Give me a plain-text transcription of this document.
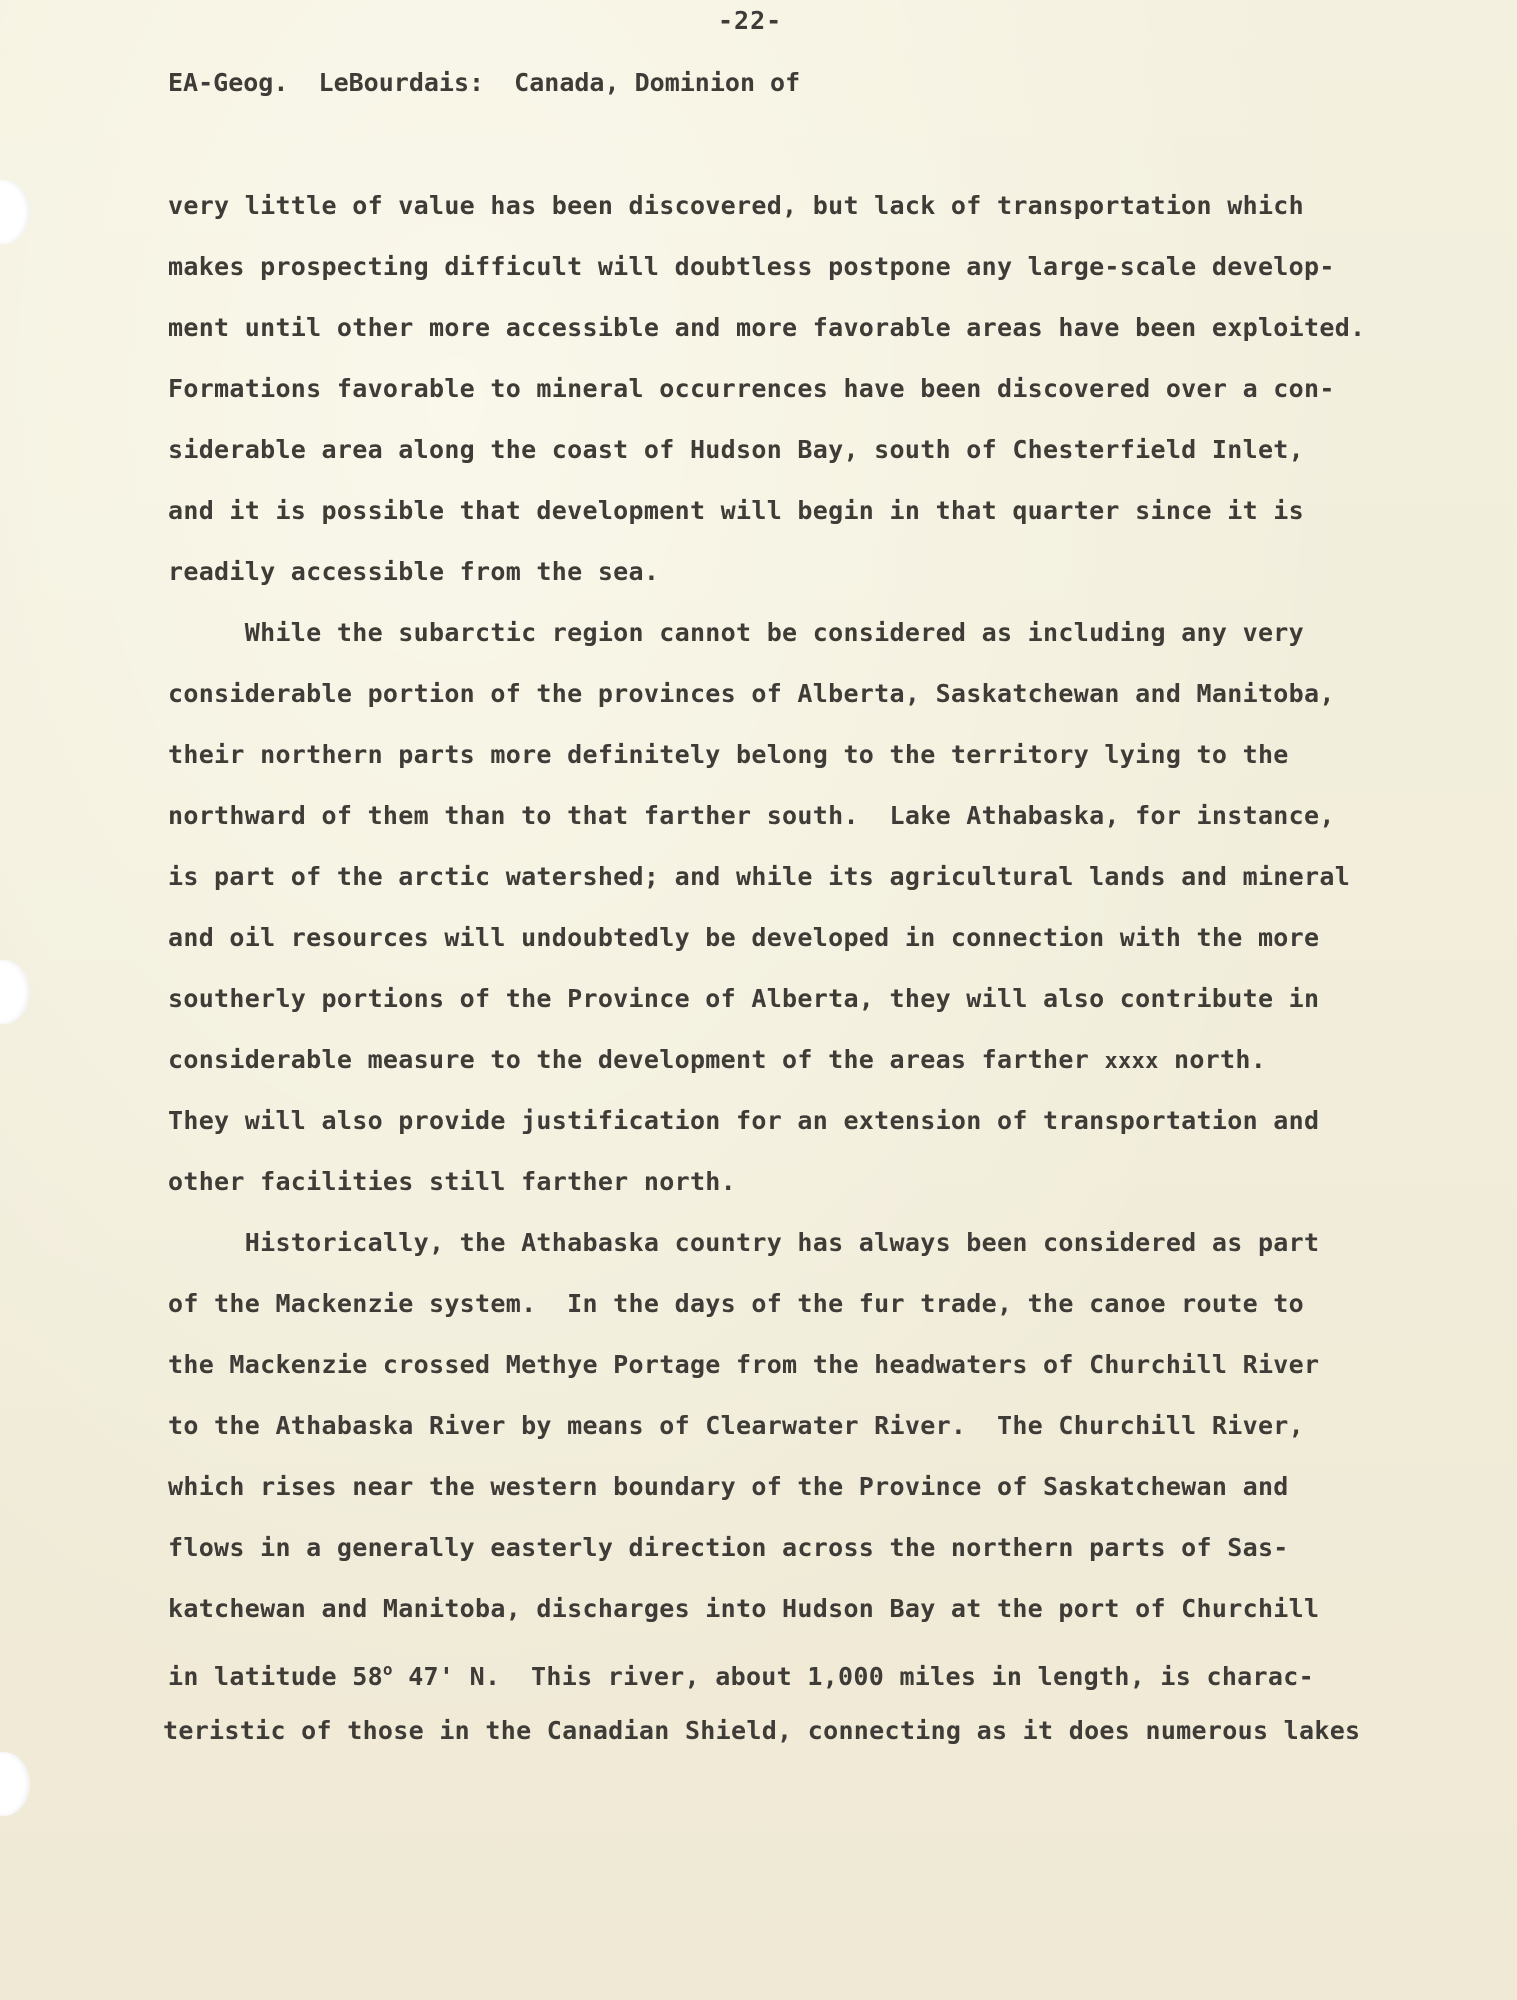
-22-
EA-Geog.  LeBourdais:  Canada, Dominion of
very little of value has been discovered, but lack of transportation which
makes prospecting difficult will doubtless postpone any large-scale develop-
ment until other more accessible and more favorable areas have been exploited.
Formations favorable to mineral occurrences have been discovered over a con-
siderable area along the coast of Hudson Bay, south of Chesterfield Inlet,
and it is possible that development will begin in that quarter since it is
readily accessible from the sea.
While the subarctic region cannot be considered as including any very
considerable portion of the provinces of Alberta, Saskatchewan and Manitoba,
their northern parts more definitely belong to the territory lying to the
northward of them than to that farther south.  Lake Athabaska, for instance,
is part of the arctic watershed; and while its agricultural lands and mineral
and oil resources will undoubtedly be developed in connection with the more
southerly portions of the Province of Alberta, they will also contribute in
considerable measure to the development of the areas farther xxxx north.
They will also provide justification for an extension of transportation and
other facilities still farther north.
Historically, the Athabaska country has always been considered as part
of the Mackenzie system.  In the days of the fur trade, the canoe route to
the Mackenzie crossed Methye Portage from the headwaters of Churchill River
to the Athabaska River by means of Clearwater River.  The Churchill River,
which rises near the western boundary of the Province of Saskatchewan and
flows in a generally easterly direction across the northern parts of Sas-
katchewan and Manitoba, discharges into Hudson Bay at the port of Churchill
in latitude 58$^o$ 47' N.  This river, about 1,000 miles in length, is charac-
teristic of those in the Canadian Shield, connecting as it does numerous lakes
